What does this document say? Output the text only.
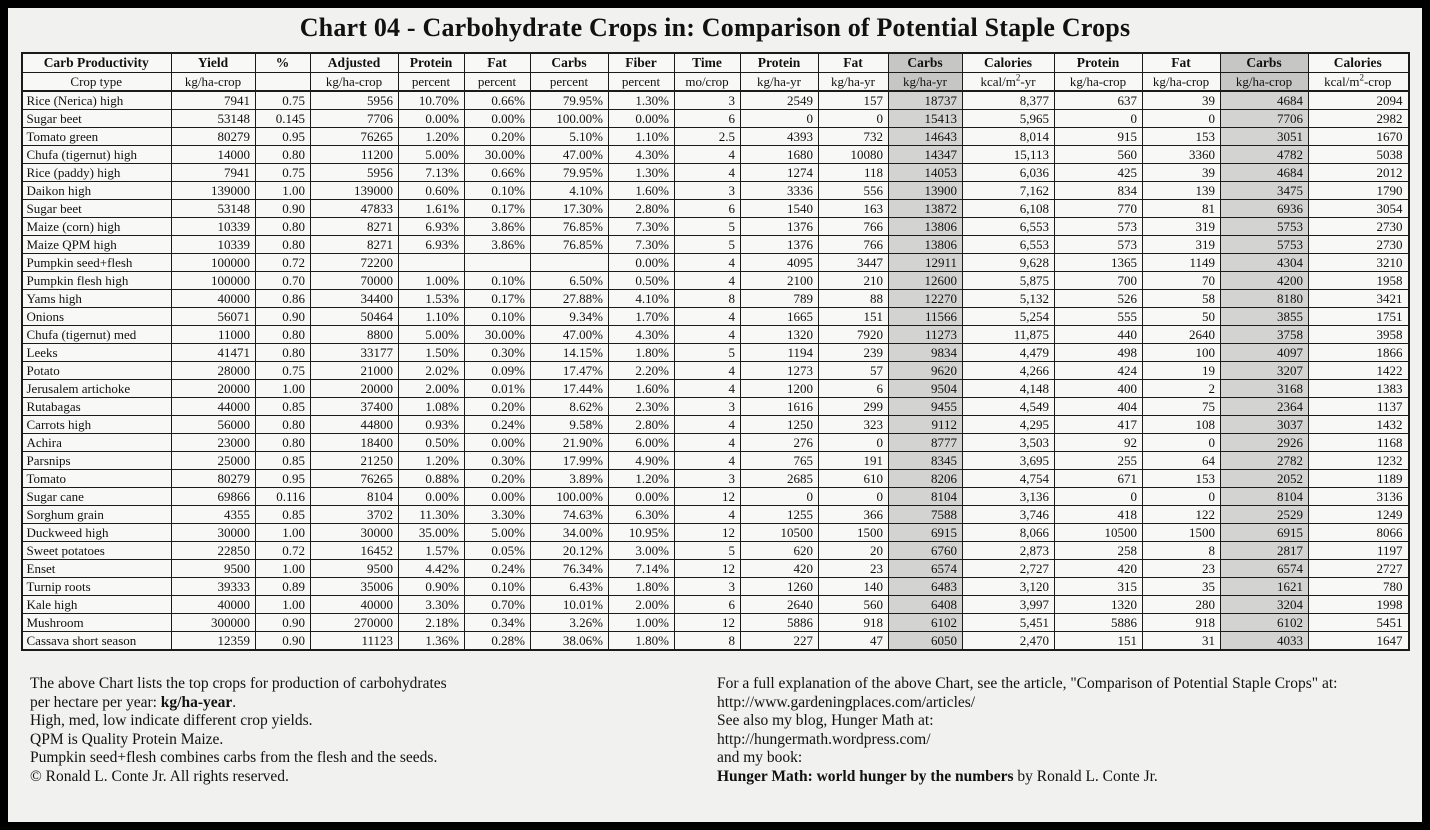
Chart 04 - Carbohydrate Crops in: Comparison of Potential Staple Crops
Carb Productivity	Yield	%	Adjusted	Protein	Fat	Carbs	Fiber	Time	Protein	Fat	Carbs	Calories	Protein	Fat	Carbs	Calories
Crop type	kg/ha-crop		kg/ha-crop	percent	percent	percent	percent	mo/crop	kg/ha-yr	kg/ha-yr	kg/ha-yr	kcal/$m^2-yr$	kg/ha-crop	kg/ha-crop	kg/ha-crop	kcal/$m^2$-crop
Rice (Nerica) high	7941	0.75	5956	10.70%	0.66%	79.95%	1.30%	3	2549	157	18737	8,377	637	39	4684	2094
Sugar beet	53148	0.145	7706	0.00%	0.00%	100.00%	0.00%	6	0	0	15413	5,965	0	0	7706	2982
Tomato green	80279	0.95	76265	1.20%	0.20%	5.10%	1.10%	2.5	4393	732	14643	8,014	915	153	3051	1670
Chufa (tigernut) high	14000	0.80	11200	5.00%	30.00%	47.00%	4.30%	4	1680	10080	14347	15,113	560	3360	4782	5038
Rice (paddy) high	7941	0.75	5956	7.13%	0.66%	79.95%	1.30%	4	1274	118	14053	6,036	425	39	4684	2012
Daikon high	139000	1.00	139000	0.60%	0.10%	4.10%	1.60%	3	3336	556	13900	7,162	834	139	3475	1790
Sugar beet	53148	0.90	47833	1.61%	0.17%	17.30%	2.80%	6	1540	163	13872	6,108	770	81	6936	3054
Maize (corn) high	10339	0.80	8271	6.93%	3.86%	76.85%	7.30%	5	1376	766	13806	6,553	573	319	5753	2730
Maize QPM high	10339	0.80	8271	6.93%	3.86%	76.85%	7.30%	5	1376	766	13806	6,553	573	319	5753	2730
Pumpkin seed+flesh	100000	0.72	72200				0.00%	4	4095	3447	12911	9,628	1365	1149	4304	3210
Pumpkin flesh high	100000	0.70	70000	1.00%	0.10%	6.50%	0.50%	4	2100	210	12600	5,875	700	70	4200	1958
Yams high	40000	0.86	34400	1.53%	0.17%	27.88%	4.10%	8	789	88	12270	5,132	526	58	8180	3421
Onions	56071	0.90	50464	1.10%	0.10%	9.34%	1.70%	4	1665	151	11566	5,254	555	50	3855	1751
Chufa (tigernut) med	11000	0.80	8800	5.00%	30.00%	47.00%	4.30%	4	1320	7920	11273	11,875	440	2640	3758	3958
Leeks	41471	0.80	33177	1.50%	0.30%	14.15%	1.80%	5	1194	239	9834	4,479	498	100	4097	1866
Potato	28000	0.75	21000	2.02%	0.09%	17.47%	2.20%	4	1273	57	9620	4,266	424	19	3207	1422
Jerusalem artichoke	20000	1.00	20000	2.00%	0.01%	17.44%	1.60%	4	1200	6	9504	4,148	400	2	3168	1383
Rutabagas	44000	0.85	37400	1.08%	0.20%	8.62%	2.30%	3	1616	299	9455	4,549	404	75	2364	1137
Carrots high	56000	0.80	44800	0.93%	0.24%	9.58%	2.80%	4	1250	323	9112	4,295	417	108	3037	1432
Achira	23000	0.80	18400	0.50%	0.00%	21.90%	6.00%	4	276	0	8777	3,503	92	0	2926	1168
Parsnips	25000	0.85	21250	1.20%	0.30%	17.99%	4.90%	4	765	191	8345	3,695	255	64	2782	1232
Tomato	80279	0.95	76265	0.88%	0.20%	3.89%	1.20%	3	2685	610	8206	4,754	671	153	2052	1189
Sugar cane	69866	0.116	8104	0.00%	0.00%	100.00%	0.00%	12	0	0	8104	3,136	0	0	8104	3136
Sorghum grain	4355	0.85	3702	11.30%	3.30%	74.63%	6.30%	4	1255	366	7588	3,746	418	122	2529	1249
Duckweed high	30000	1.00	30000	35.00%	5.00%	34.00%	10.95%	12	10500	1500	6915	8,066	10500	1500	6915	8066
Sweet potatoes	22850	0.72	16452	1.57%	0.05%	20.12%	3.00%	5	620	20	6760	2,873	258	8	2817	1197
Enset	9500	1.00	9500	4.42%	0.24%	76.34%	7.14%	12	420	23	6574	2,727	420	23	6574	2727
Turnip roots	39333	0.89	35006	0.90%	0.10%	6.43%	1.80%	3	1260	140	6483	3,120	315	35	1621	780
Kale high	40000	1.00	40000	3.30%	0.70%	10.01%	2.00%	6	2640	560	6408	3,997	1320	280	3204	1998
Mushroom	300000	0.90	270000	2.18%	0.34%	3.26%	1.00%	12	5886	918	6102	5,451	5886	918	6102	5451
Cassava short season	12359	0.90	11123	1.36%	0.28%	38.06%	1.80%	8	227	47	6050	2,470	151	31	4033	1647
The above Chart lists the top crops for production of carbohydrates
per hectare per year: kg/ha-year.
High, med, low indicate different crop yields.
QPM is Quality Protein Maize.
Pumpkin seed+flesh combines carbs from the flesh and the seeds.
© Ronald L. Conte Jr. All rights reserved.
For a full explanation of the above Chart, see the article, "Comparison of Potential Staple Crops" at:
http://www.gardeningplaces.com/articles/
See also my blog, Hunger Math at:
http://hungermath.wordpress.com/
and my book:
Hunger Math: world hunger by the numbers by Ronald L. Conte Jr.
